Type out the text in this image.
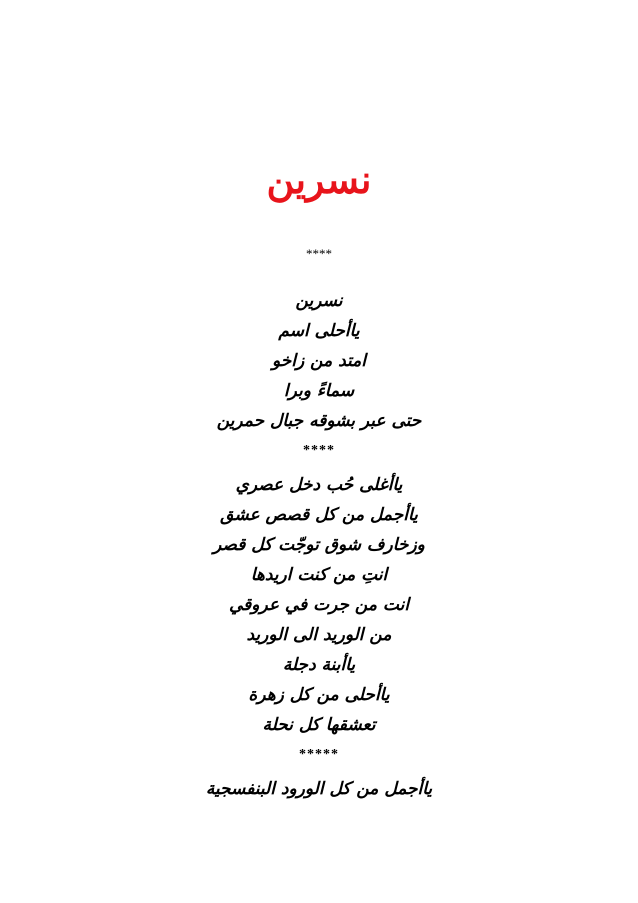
نسرين
****
نسرين
ياأحلى اسم
امتد من زاخو
سماءً وبرا
حتى عبر بشوقه جبال حمرين
****
ياأغلى حُب دخل عصري
ياأجمل من كل قصص عشق
وزخارف شوق توجّت كل قصر
انتِ من كنت اريدها
انت من جرت في عروقي
من الوريد الى الوريد
ياأبنة دجلة
ياأحلى من كل زهرة
تعشقها كل نحلة
*****
ياأجمل من كل الورود البنفسجية
